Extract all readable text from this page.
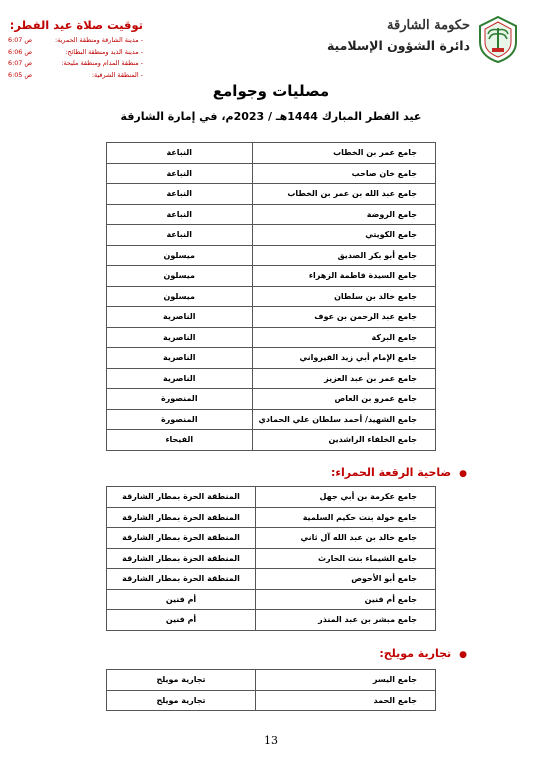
حكومة الشارقة
دائرة الشؤون الإسلامية
توقيت صلاة عيد الفطر:
- مدينة الشارقة ومنطقة الحمرية:
6:07 ص
- مدينة الذيد ومنطقة البطائح:
6:06 ص
- منطقة المدام ومنطقة مليحة:
6:07 ص
- المنطقة الشرقية:
6:05 ص
مصليات وجوامع
عيد الفطر المبارك 1444هـ / 2023م، في إمارة الشارقة
جامع عمر بن الخطاب	النباعة
جامع خان صاحب	النباعة
جامع عبد الله بن عمر بن الخطاب	النباعة
جامع الروضة	النباعة
جامع الكويتي	النباعة
جامع أبو بكر الصديق	ميسلون
جامع السيدة فاطمة الزهراء	ميسلون
جامع خالد بن سلطان	ميسلون
جامع عبد الرحمن بن عوف	الناصرية
جامع البركة	الناصرية
جامع الإمام أبي زيد القيرواني	الناصرية
جامع عمر بن عبد العزيز	الناصرية
جامع عمرو بن العاص	المنصورة
جامع الشهيد/ أحمد سلطان علي الحمادي	المنصورة
جامع الخلفاء الراشدين	الفيحاء
●ضاحية الرقعة الحمراء:
جامع عكرمة بن أبي جهل	المنطقة الحرة بمطار الشارقة
جامع خولة بنت حكيم السلمية	المنطقة الحرة بمطار الشارقة
جامع خالد بن عبد الله آل ثاني	المنطقة الحرة بمطار الشارقة
جامع الشيماء بنت الحارث	المنطقة الحرة بمطار الشارقة
جامع أبو الأحوص	المنطقة الحرة بمطار الشارقة
جامع أم فنين	أم فنين
جامع مبشر بن عبد المنذر	أم فنين
●تجارية مويلح:
جامع اليسر	تجارية مويلح
جامع الحمد	تجارية مويلح
13
